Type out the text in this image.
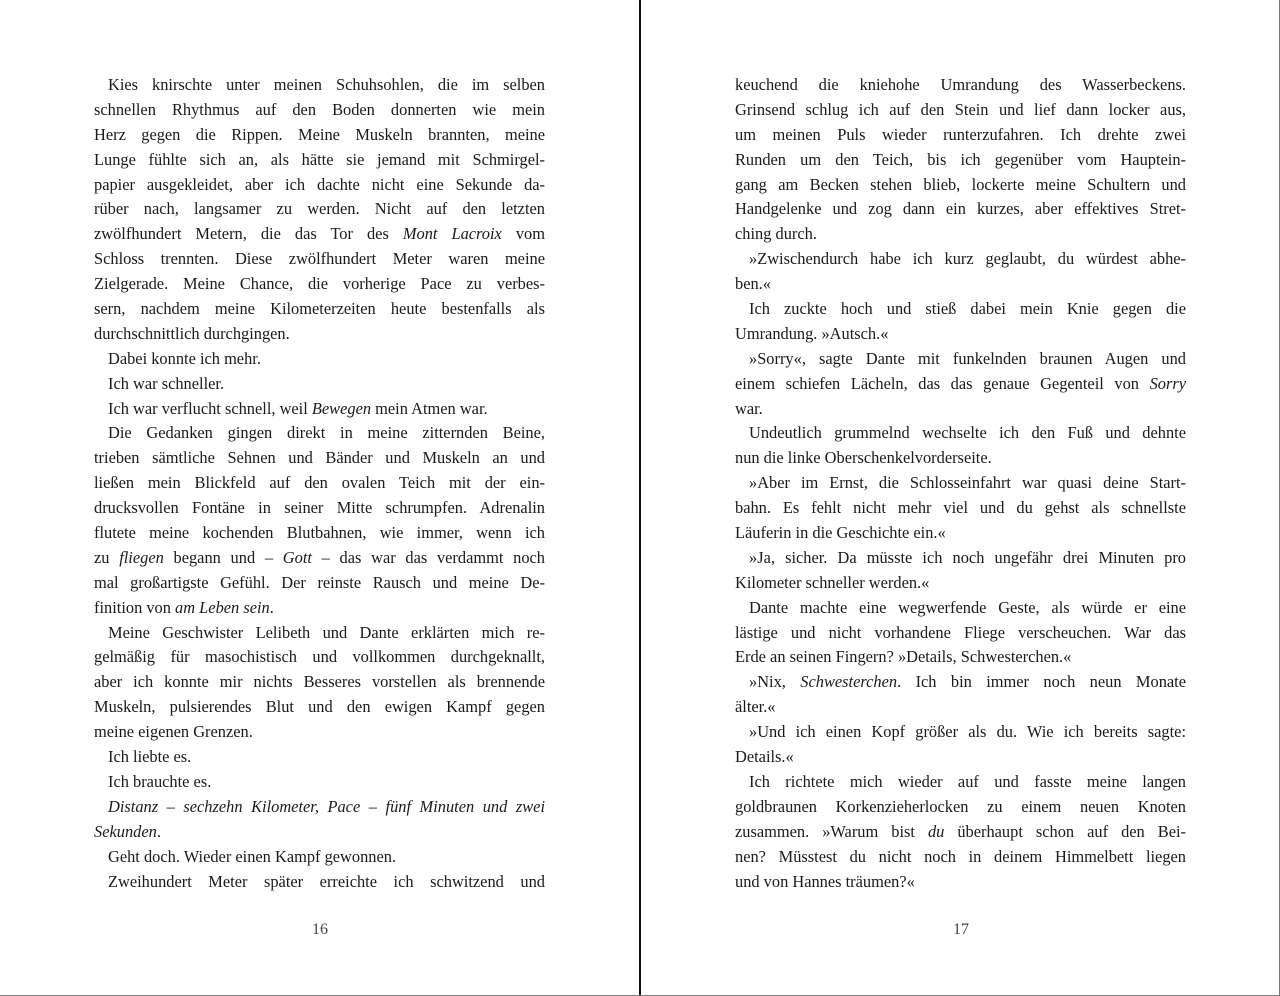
Kies knirschte unter meinen Schuhsohlen, die im selben
schnellen Rhythmus auf den Boden donnerten wie mein
Herz gegen die Rippen. Meine Muskeln brannten, meine
Lunge fühlte sich an, als hätte sie jemand mit Schmirgel-
papier ausgekleidet, aber ich dachte nicht eine Sekunde da-
rüber nach, langsamer zu werden. Nicht auf den letzten
zwölfhundert Metern, die das Tor des Mont Lacroix vom
Schloss trennten. Diese zwölfhundert Meter waren meine
Zielgerade. Meine Chance, die vorherige Pace zu verbes-
sern, nachdem meine Kilometerzeiten heute bestenfalls als
durchschnittlich durchgingen.
Dabei konnte ich mehr.
Ich war schneller.
Ich war verflucht schnell, weil Bewegen mein Atmen war.
Die Gedanken gingen direkt in meine zitternden Beine,
trieben sämtliche Sehnen und Bänder und Muskeln an und
ließen mein Blickfeld auf den ovalen Teich mit der ein-
drucksvollen Fontäne in seiner Mitte schrumpfen. Adrenalin
flutete meine kochenden Blutbahnen, wie immer, wenn ich
zu fliegen begann und – Gott – das war das verdammt noch
mal großartigste Gefühl. Der reinste Rausch und meine De-
finition von am Leben sein.
Meine Geschwister Lelibeth und Dante erklärten mich re-
gelmäßig für masochistisch und vollkommen durchgeknallt,
aber ich konnte mir nichts Besseres vorstellen als brennende
Muskeln, pulsierendes Blut und den ewigen Kampf gegen
meine eigenen Grenzen.
Ich liebte es.
Ich brauchte es.
Distanz – sechzehn Kilometer, Pace – fünf Minuten und zwei
Sekunden.
Geht doch. Wieder einen Kampf gewonnen.
Zweihundert Meter später erreichte ich schwitzend und
16
keuchend die kniehohe Umrandung des Wasserbeckens.
Grinsend schlug ich auf den Stein und lief dann locker aus,
um meinen Puls wieder runterzufahren. Ich drehte zwei
Runden um den Teich, bis ich gegenüber vom Hauptein-
gang am Becken stehen blieb, lockerte meine Schultern und
Handgelenke und zog dann ein kurzes, aber effektives Stret-
ching durch.
»Zwischendurch habe ich kurz geglaubt, du würdest abhe-
ben.«
Ich zuckte hoch und stieß dabei mein Knie gegen die
Umrandung. »Autsch.«
»Sorry«, sagte Dante mit funkelnden braunen Augen und
einem schiefen Lächeln, das das genaue Gegenteil von Sorry
war.
Undeutlich grummelnd wechselte ich den Fuß und dehnte
nun die linke Oberschenkelvorderseite.
»Aber im Ernst, die Schlosseinfahrt war quasi deine Start-
bahn. Es fehlt nicht mehr viel und du gehst als schnellste
Läuferin in die Geschichte ein.«
»Ja, sicher. Da müsste ich noch ungefähr drei Minuten pro
Kilometer schneller werden.«
Dante machte eine wegwerfende Geste, als würde er eine
lästige und nicht vorhandene Fliege verscheuchen. War das
Erde an seinen Fingern? »Details, Schwesterchen.«
»Nix, Schwesterchen. Ich bin immer noch neun Monate
älter.«
»Und ich einen Kopf größer als du. Wie ich bereits sagte:
Details.«
Ich richtete mich wieder auf und fasste meine langen
goldbraunen Korkenzieherlocken zu einem neuen Knoten
zusammen. »Warum bist du überhaupt schon auf den Bei-
nen? Müsstest du nicht noch in deinem Himmelbett liegen
und von Hannes träumen?«
17
